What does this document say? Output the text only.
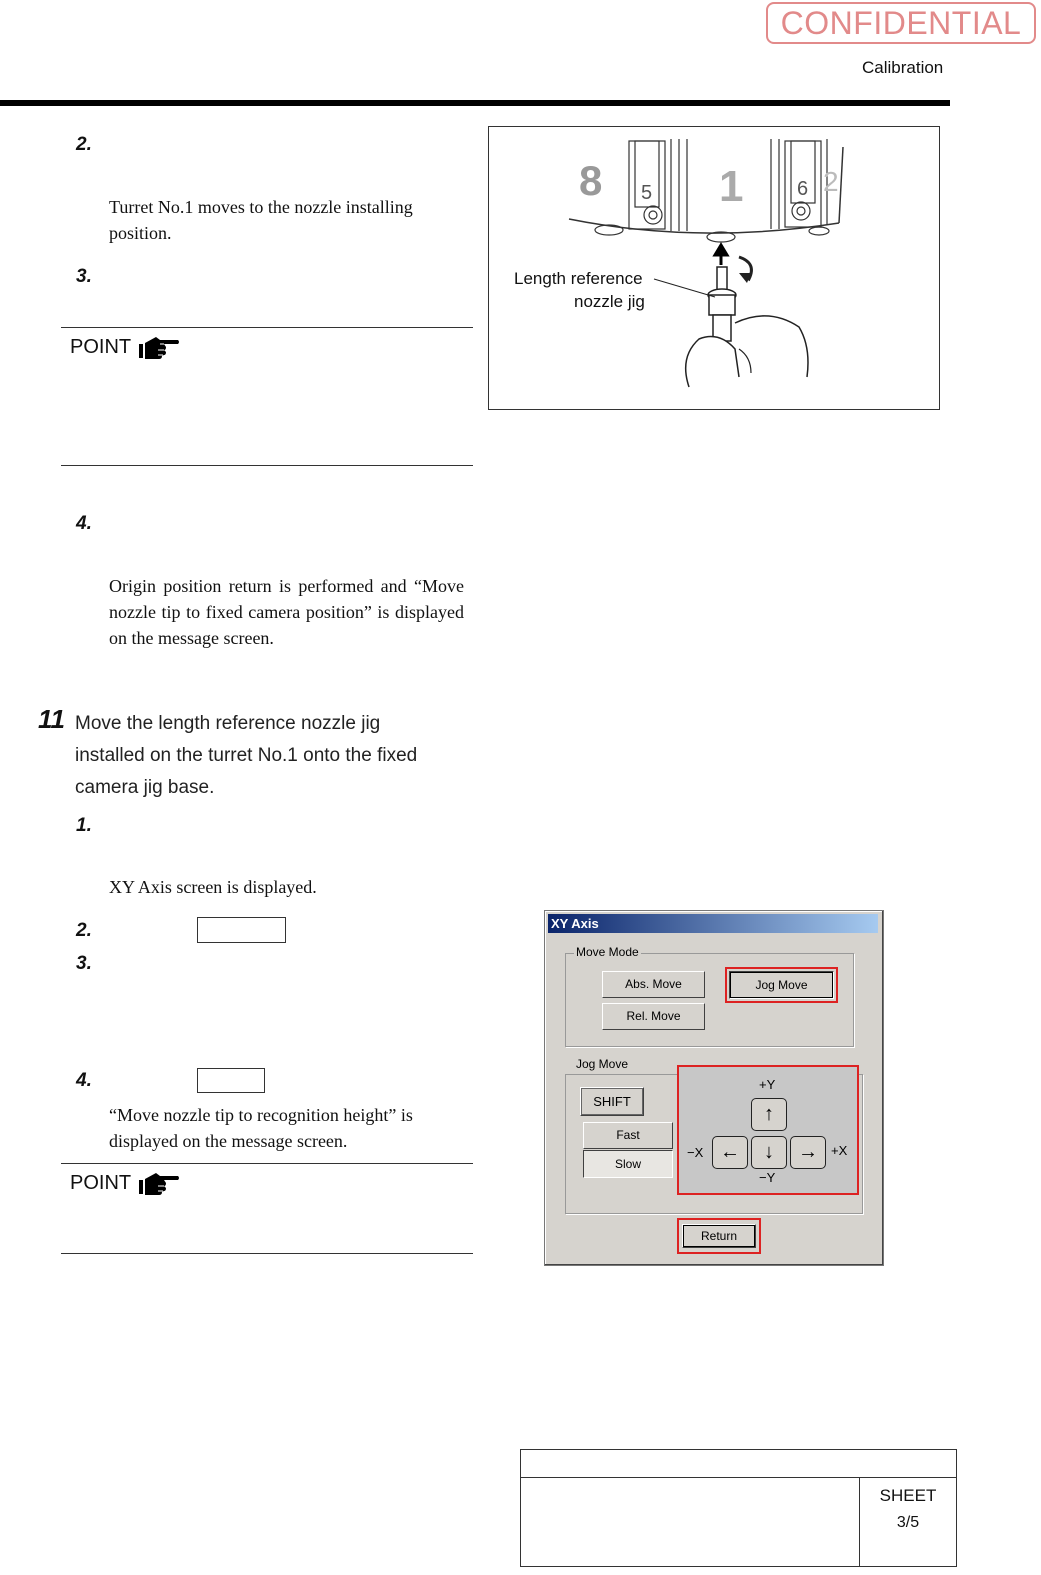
CONFIDENTIAL
Calibration
2.
Turret No.1 moves to the nozzle installing position.
3.
POINT
4.
Origin position return is performed and “Move nozzle tip to fixed camera position” is displayed on the message screen.
11 Move the length reference nozzle jig
installed on the turret No.1 onto the fixed
camera jig base.
1.
XY Axis screen is displayed.
2.
3.
4.
“Move nozzle tip to recognition height” is displayed on the message screen.
POINT
8	1	2
5	6
Length reference
nozzle jig
XY Axis
Move Mode
Abs. Move
Rel. Move
Jog Move
Jog Move
SHIFT
Fast
Slow
+Y
−Y
−X	+X
↑
←	↓	→
Return
SHEET
3/5
